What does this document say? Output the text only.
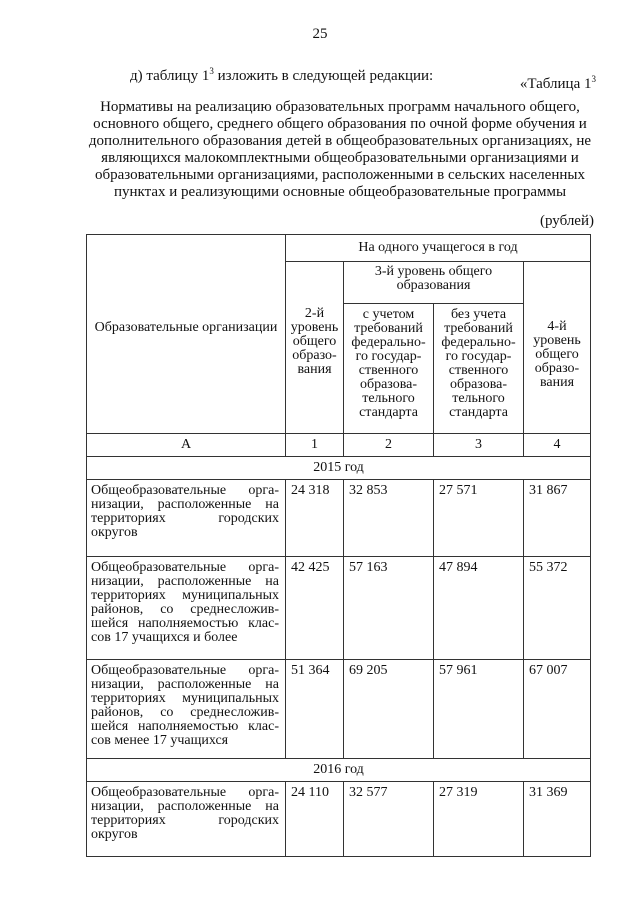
25
д) таблицу $1^3$ изложить в следующей редакции:	«Таблица $1^3$
Нормативы на реализацию образовательных программ начального общего, основного общего, среднего общего образования по очной форме обучения и дополнительного образования детей в общеобразовательных организациях, не являющихся малокомплектными общеобразовательными организациями и образовательными организациями, расположенными в сельских населенных пунктах и реализующими основные общеобразовательные программы
(рублей)
Образовательные организации	На одного учащегося в год			
	2-й уровень общего образо- вания	3-й уровень общего образования		4-й уровень общего образо- вания
		с учетом требований федерально- го государ- ственного образова- тельного стандарта	без учета требований федерально- го государ- ственного образова- тельного стандарта	
А	1	2	3	4
2015 год				
Общеобразовательные орга- низации, расположенные на территориях городских округов	24 318	32 853	27 571	31 867
Общеобразовательные орга- низации, расположенные на территориях муниципальных районов, со среднесложив- шейся наполняемостью клас- сов 17 учащихся и более	42 425	57 163	47 894	55 372
Общеобразовательные орга- низации, расположенные на территориях муниципальных районов, со среднесложив- шейся наполняемостью клас- сов менее 17 учащихся	51 364	69 205	57 961	67 007
2016 год				
Общеобразовательные орга- низации, расположенные на территориях городских округов	24 110	32 577	27 319	31 369
